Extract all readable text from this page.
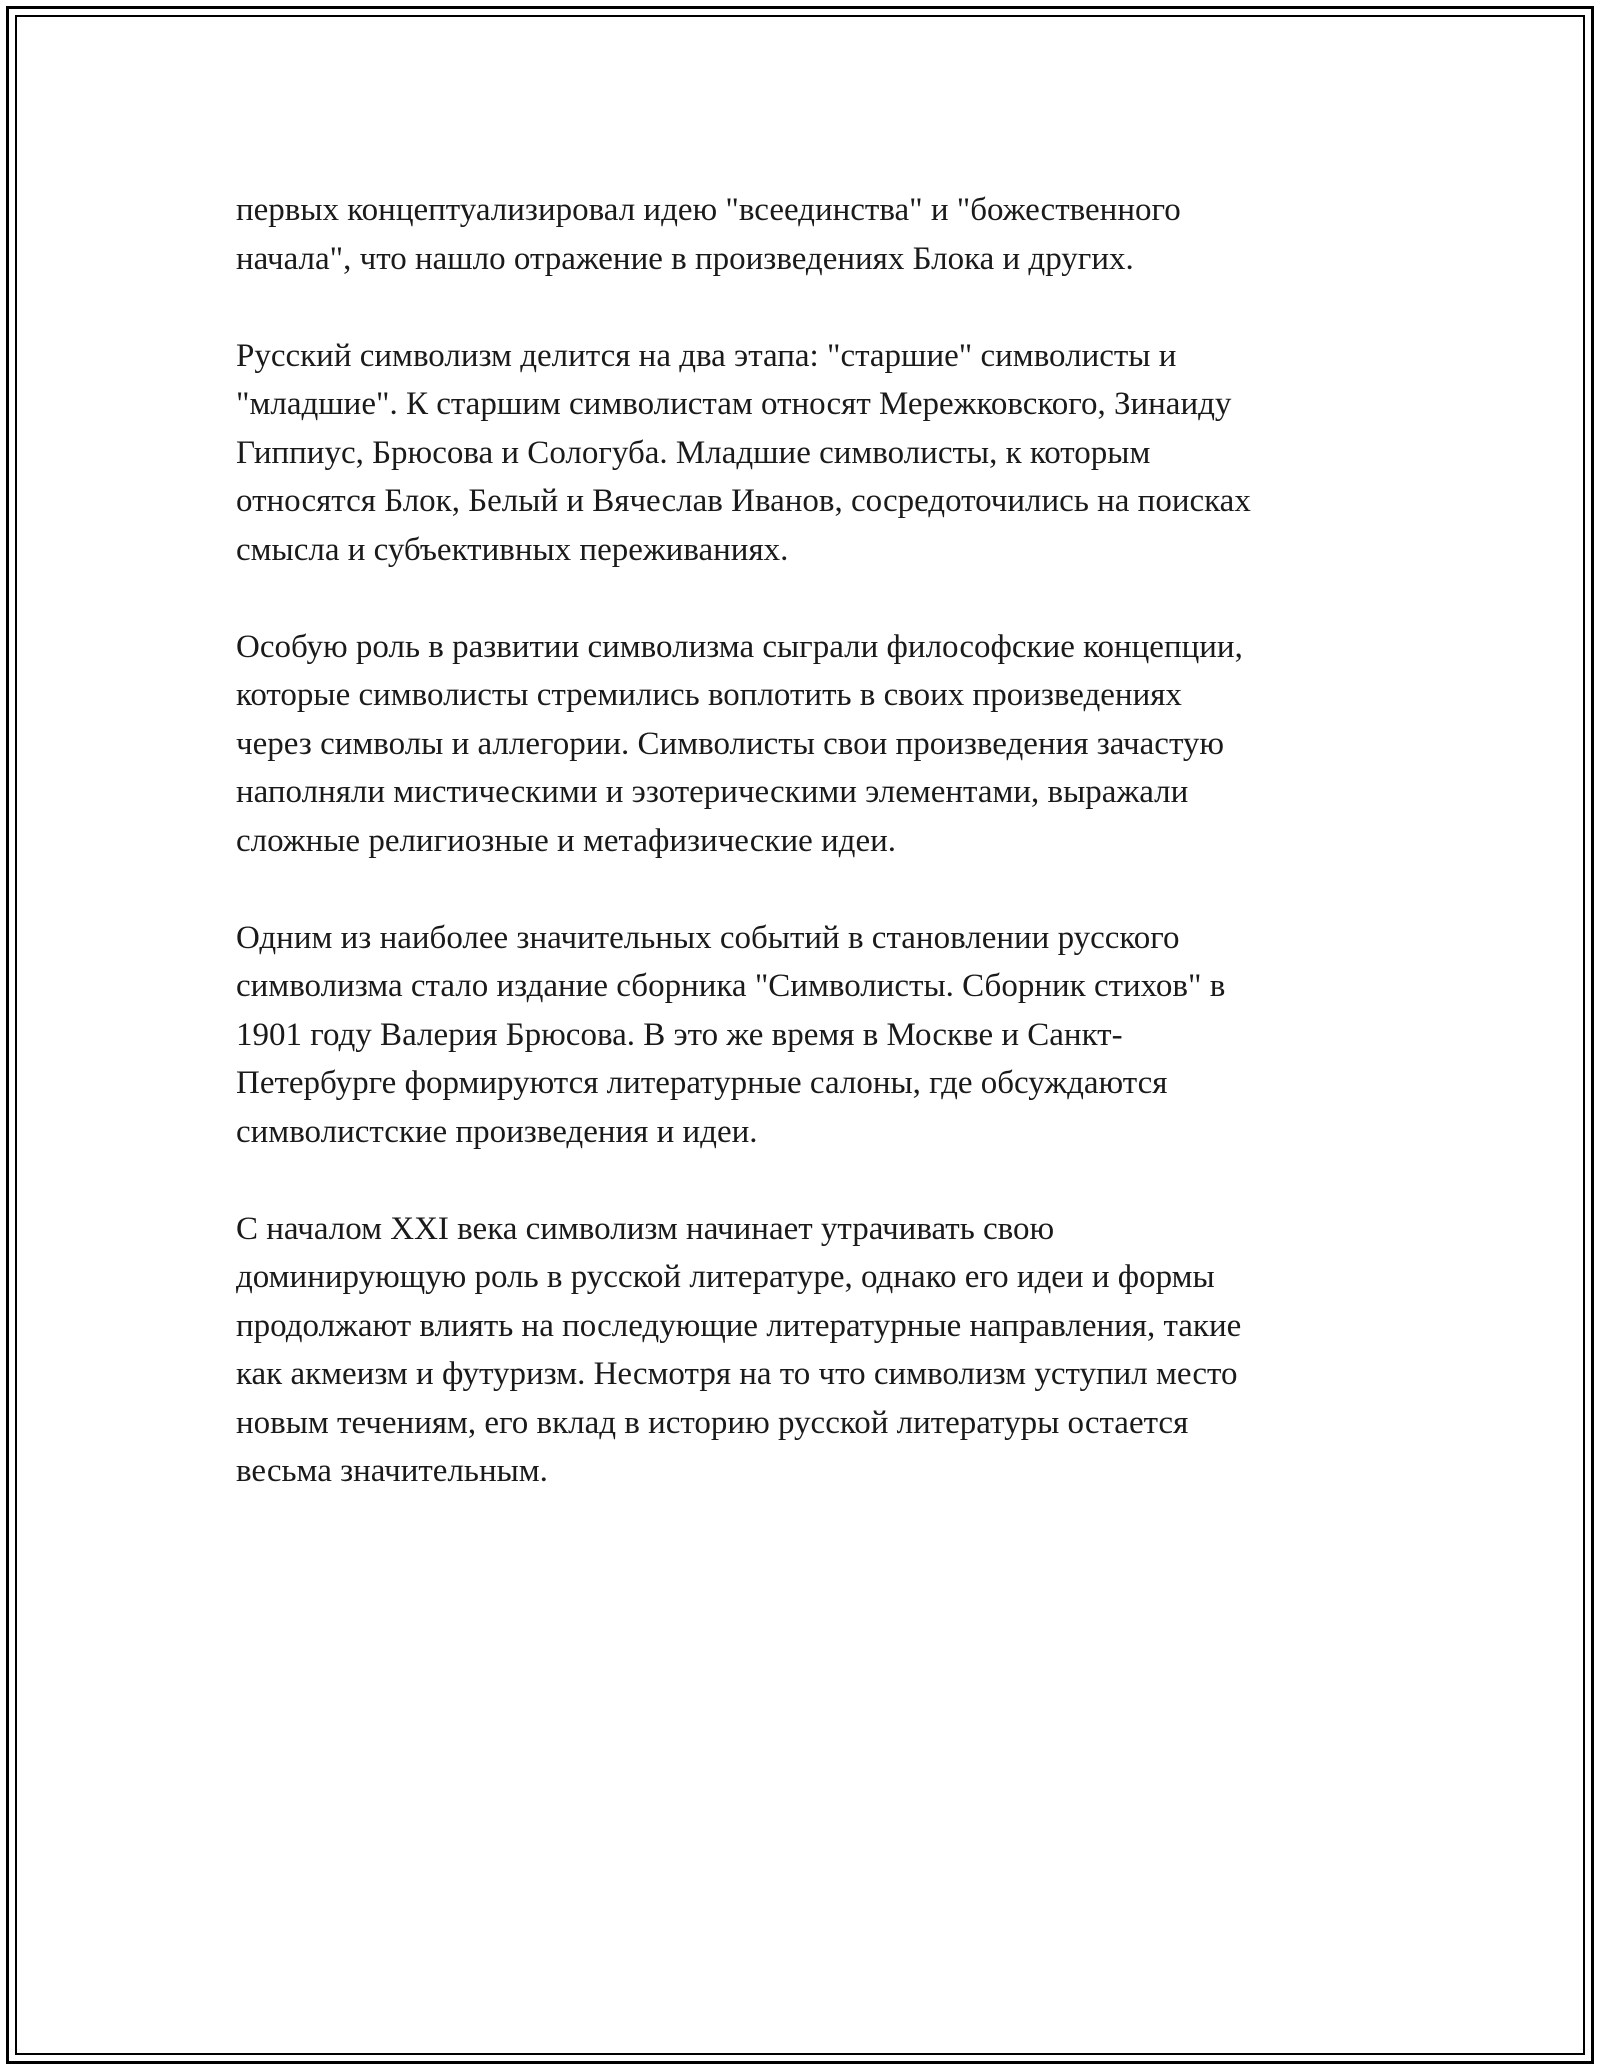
первых концептуализировал идею "всеединства" и "божественного
начала", что нашло отражение в произведениях Блока и других.

Русский символизм делится на два этапа: "старшие" символисты и
"младшие". К старшим символистам относят Мережковского, Зинаиду
Гиппиус, Брюсова и Сологуба. Младшие символисты, к которым
относятся Блок, Белый и Вячеслав Иванов, сосредоточились на поисках
смысла и субъективных переживаниях.

Особую роль в развитии символизма сыграли философские концепции,
которые символисты стремились воплотить в своих произведениях
через символы и аллегории. Символисты свои произведения зачастую
наполняли мистическими и эзотерическими элементами, выражали
сложные религиозные и метафизические идеи.

Одним из наиболее значительных событий в становлении русского
символизма стало издание сборника "Символисты. Сборник стихов" в
1901 году Валерия Брюсова. В это же время в Москве и Санкт-
Петербурге формируются литературные салоны, где обсуждаются
символистские произведения и идеи.

С началом XXI века символизм начинает утрачивать свою
доминирующую роль в русской литературе, однако его идеи и формы
продолжают влиять на последующие литературные направления, такие
как акмеизм и футуризм. Несмотря на то что символизм уступил место
новым течениям, его вклад в историю русской литературы остается
весьма значительным.
